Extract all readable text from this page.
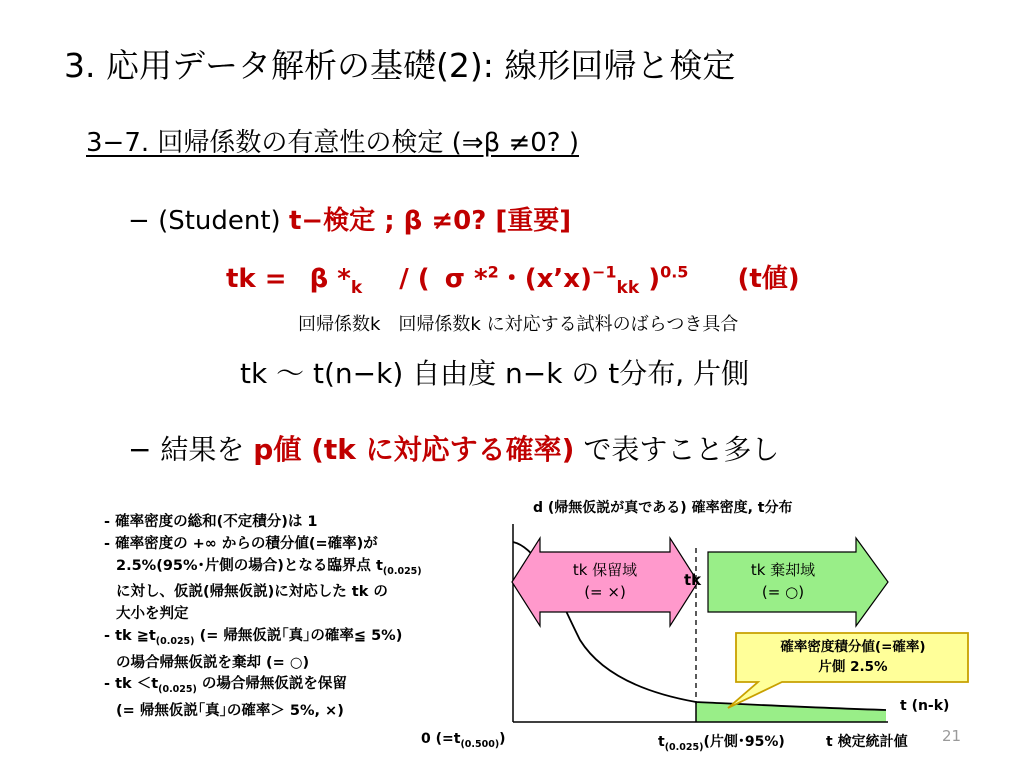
3. 応用データ解析の基礎(2): 線形回帰と検定
3−7. 回帰係数の有意性の検定 (⇒β ≠0? )
− (Student) t−検定 ; β ≠0? [重要]
tk = β $*_k$ / ( σ *$^2$・(x’x)$^{-1}_{kk}$ )$^{0.5}$ (t値)
回帰係数k　回帰係数k に対応する試料のばらつき具合
tk 〜 t(n−k) 自由度 n−k の t分布, 片側
− 結果を p値 (tk に対応する確率) で表すこと多し
- 確率密度の総和(不定積分)は 1
- 確率密度の +∞ からの積分値(=確率)が
2.5%(95%･片側の場合)となる臨界点 $t_{(0.025)}$
に対し、仮説(帰無仮説)に対応した tk の
大小を判定
- tk $≧t_{(0.025)}$ (= 帰無仮説｢真｣の確率≦ 5%)
の場合帰無仮説を棄却 (= ○)
- tk $<t_{(0.025)}$ の場合帰無仮説を保留
(= 帰無仮説｢真｣の確率＞ 5%, ×)
d (帰無仮説が真である) 確率密度, t分布
tk 保留域
(= ×)
tk 棄却域
(= ○)
tk
確率密度積分値(=確率)
片側 2.5%
t (n-k)
0 $(=t_{(0.500)})$	$t_{(0.025)}$(片側･95%)	t 検定統計値 21
